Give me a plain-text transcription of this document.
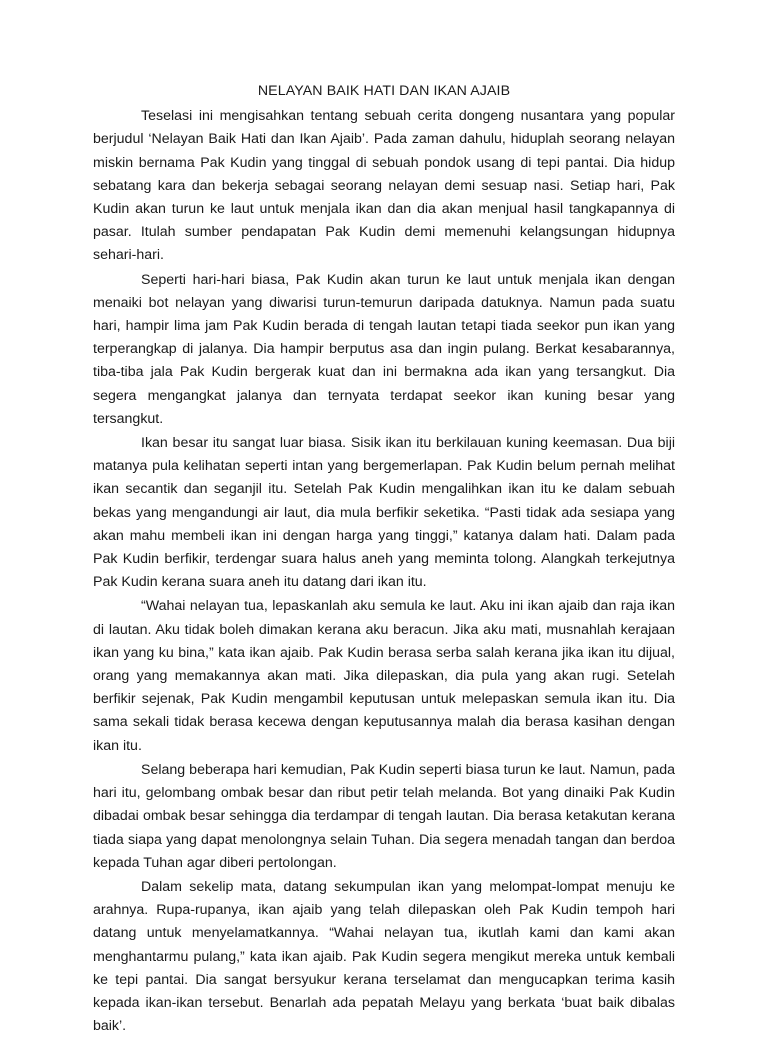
NELAYAN BAIK HATI DAN IKAN AJAIB

Teselasi ini mengisahkan tentang sebuah cerita dongeng nusantara yang popular berjudul ‘Nelayan Baik Hati dan Ikan Ajaib’. Pada zaman dahulu, hiduplah seorang nelayan miskin bernama Pak Kudin yang tinggal di sebuah pondok usang di tepi pantai. Dia hidup sebatang kara dan bekerja sebagai seorang nelayan demi sesuap nasi. Setiap hari, Pak Kudin akan turun ke laut untuk menjala ikan dan dia akan menjual hasil tangkapannya di pasar. Itulah sumber pendapatan Pak Kudin demi memenuhi kelangsungan hidupnya sehari-hari.

Seperti hari-hari biasa, Pak Kudin akan turun ke laut untuk menjala ikan dengan menaiki bot nelayan yang diwarisi turun-temurun daripada datuknya. Namun pada suatu hari, hampir lima jam Pak Kudin berada di tengah lautan tetapi tiada seekor pun ikan yang terperangkap di jalanya. Dia hampir berputus asa dan ingin pulang. Berkat kesabarannya, tiba-tiba jala Pak Kudin bergerak kuat dan ini bermakna ada ikan yang tersangkut. Dia segera mengangkat jalanya dan ternyata terdapat seekor ikan kuning besar yang tersangkut.

Ikan besar itu sangat luar biasa. Sisik ikan itu berkilauan kuning keemasan. Dua biji matanya pula kelihatan seperti intan yang bergemerlapan. Pak Kudin belum pernah melihat ikan secantik dan seganjil itu. Setelah Pak Kudin mengalihkan ikan itu ke dalam sebuah bekas yang mengandungi air laut, dia mula berfikir seketika. “Pasti tidak ada sesiapa yang akan mahu membeli ikan ini dengan harga yang tinggi,” katanya dalam hati. Dalam pada Pak Kudin berfikir, terdengar suara halus aneh yang meminta tolong. Alangkah terkejutnya Pak Kudin kerana suara aneh itu datang dari ikan itu.

“Wahai nelayan tua, lepaskanlah aku semula ke laut. Aku ini ikan ajaib dan raja ikan di lautan. Aku tidak boleh dimakan kerana aku beracun. Jika aku mati, musnahlah kerajaan ikan yang ku bina,” kata ikan ajaib. Pak Kudin berasa serba salah kerana jika ikan itu dijual, orang yang memakannya akan mati. Jika dilepaskan, dia pula yang akan rugi. Setelah berfikir sejenak, Pak Kudin mengambil keputusan untuk melepaskan semula ikan itu. Dia sama sekali tidak berasa kecewa dengan keputusannya malah dia berasa kasihan dengan ikan itu.

Selang beberapa hari kemudian, Pak Kudin seperti biasa turun ke laut. Namun, pada hari itu, gelombang ombak besar dan ribut petir telah melanda. Bot yang dinaiki Pak Kudin dibadai ombak besar sehingga dia terdampar di tengah lautan. Dia berasa ketakutan kerana tiada siapa yang dapat menolongnya selain Tuhan. Dia segera menadah tangan dan berdoa kepada Tuhan agar diberi pertolongan.

Dalam sekelip mata, datang sekumpulan ikan yang melompat-lompat menuju ke arahnya. Rupa-rupanya, ikan ajaib yang telah dilepaskan oleh Pak Kudin tempoh hari datang untuk menyelamatkannya. “Wahai nelayan tua, ikutlah kami dan kami akan menghantarmu pulang,” kata ikan ajaib. Pak Kudin segera mengikut mereka untuk kembali ke tepi pantai. Dia sangat bersyukur kerana terselamat dan mengucapkan terima kasih kepada ikan-ikan tersebut. Benarlah ada pepatah Melayu yang berkata ‘buat baik dibalas baik’.
